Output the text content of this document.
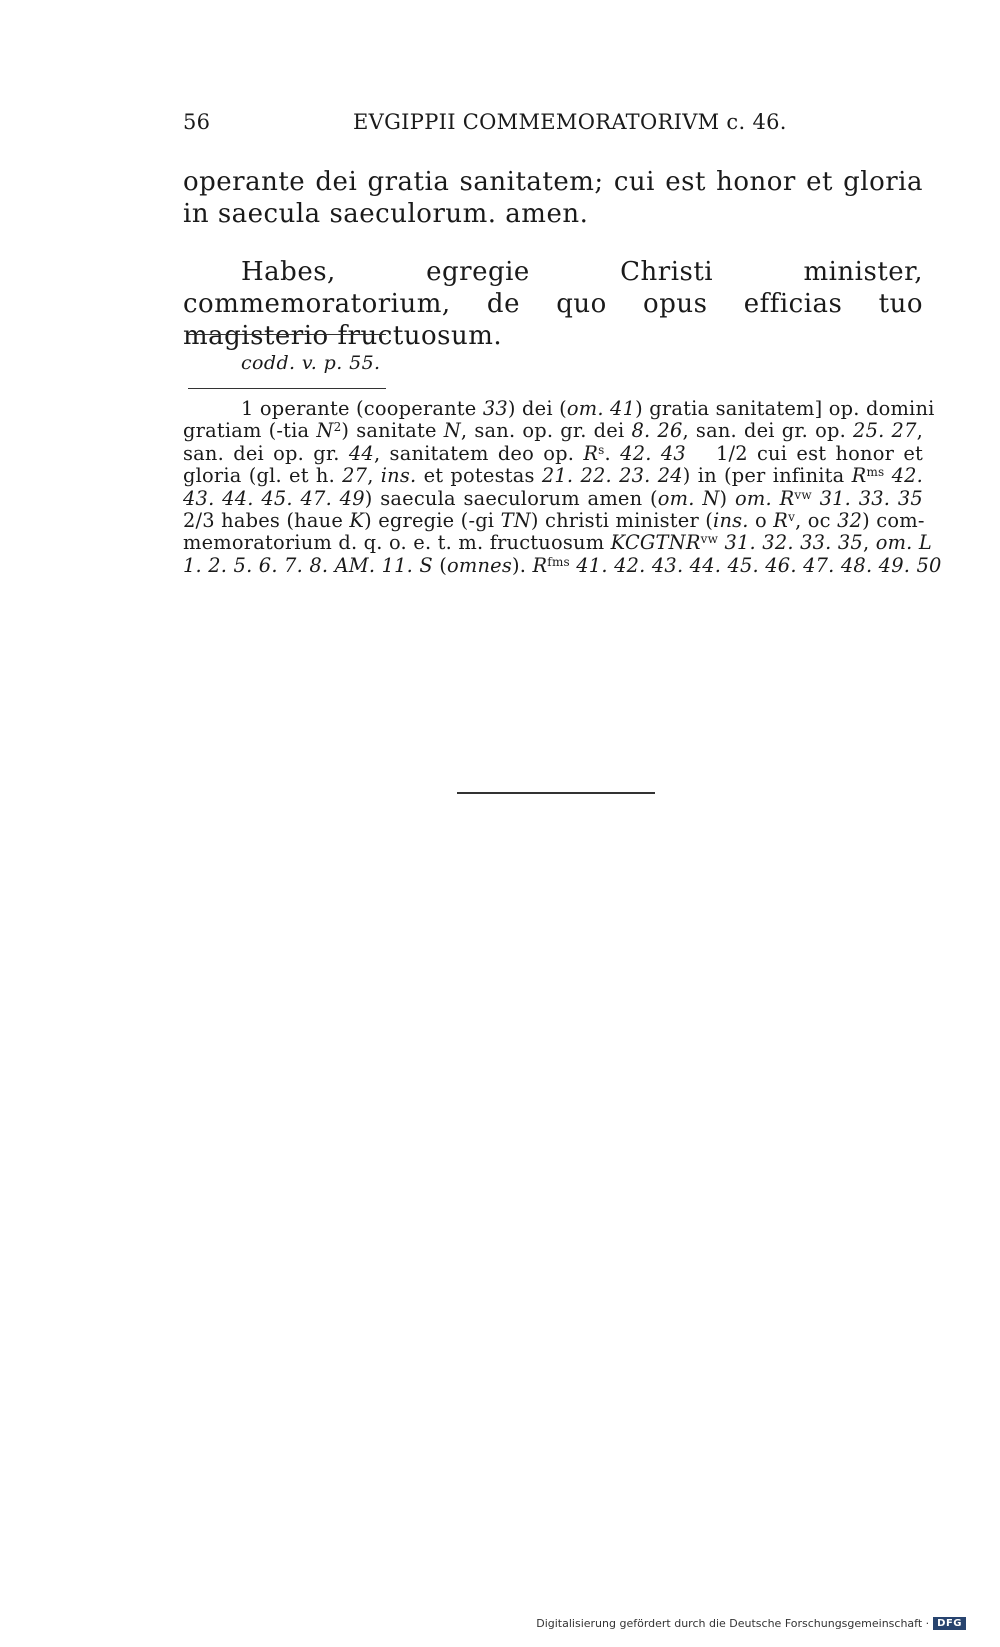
56	EVGIPPII COMMEMORATORIVM c. 46.
operante dei gratia sanitatem; cui est honor et gloria in saecula saeculorum. amen.
Habes, egregie Christi minister, commemoratorium, de quo opus efficias tuo magisterio fructuosum.
codd. v. p. 55.
1 operante (cooperante 33) dei (om. 41) gratia sanitatem] op. domini
gratiam (-tia $N^2$) sanitate N, san. op. gr. dei 8. 26, san. dei gr. op. 25. 27,
san. dei op. gr. 44, sanitatem deo op. $R^s$. 42. 43 1/2 cui est honor et
gloria (gl. et h. 27, ins. et potestas 21. 22. 23. 24) in (per infinita $R^{ms}$ 42.
43. 44. 45. 47. 49) saecula saeculorum amen (om. N) om. $R^{vw}$ 31. 33. 35
2/3 habes (haue K) egregie (-gi TN) christi minister (ins. o $R^v$, oc 32) com-
memoratorium d. q. o. e. t. m. fructuosum $KCGTNR^{vw}$ 31. 32. 33. 35, om. L
1. 2. 5. 6. 7. 8. AM. 11. S (omnes). $R^{fms}$ 41. 42. 43. 44. 45. 46. 47. 48. 49. 50
Digitalisierung gefördert durch die Deutsche Forschungsgemeinschaft · DFG
